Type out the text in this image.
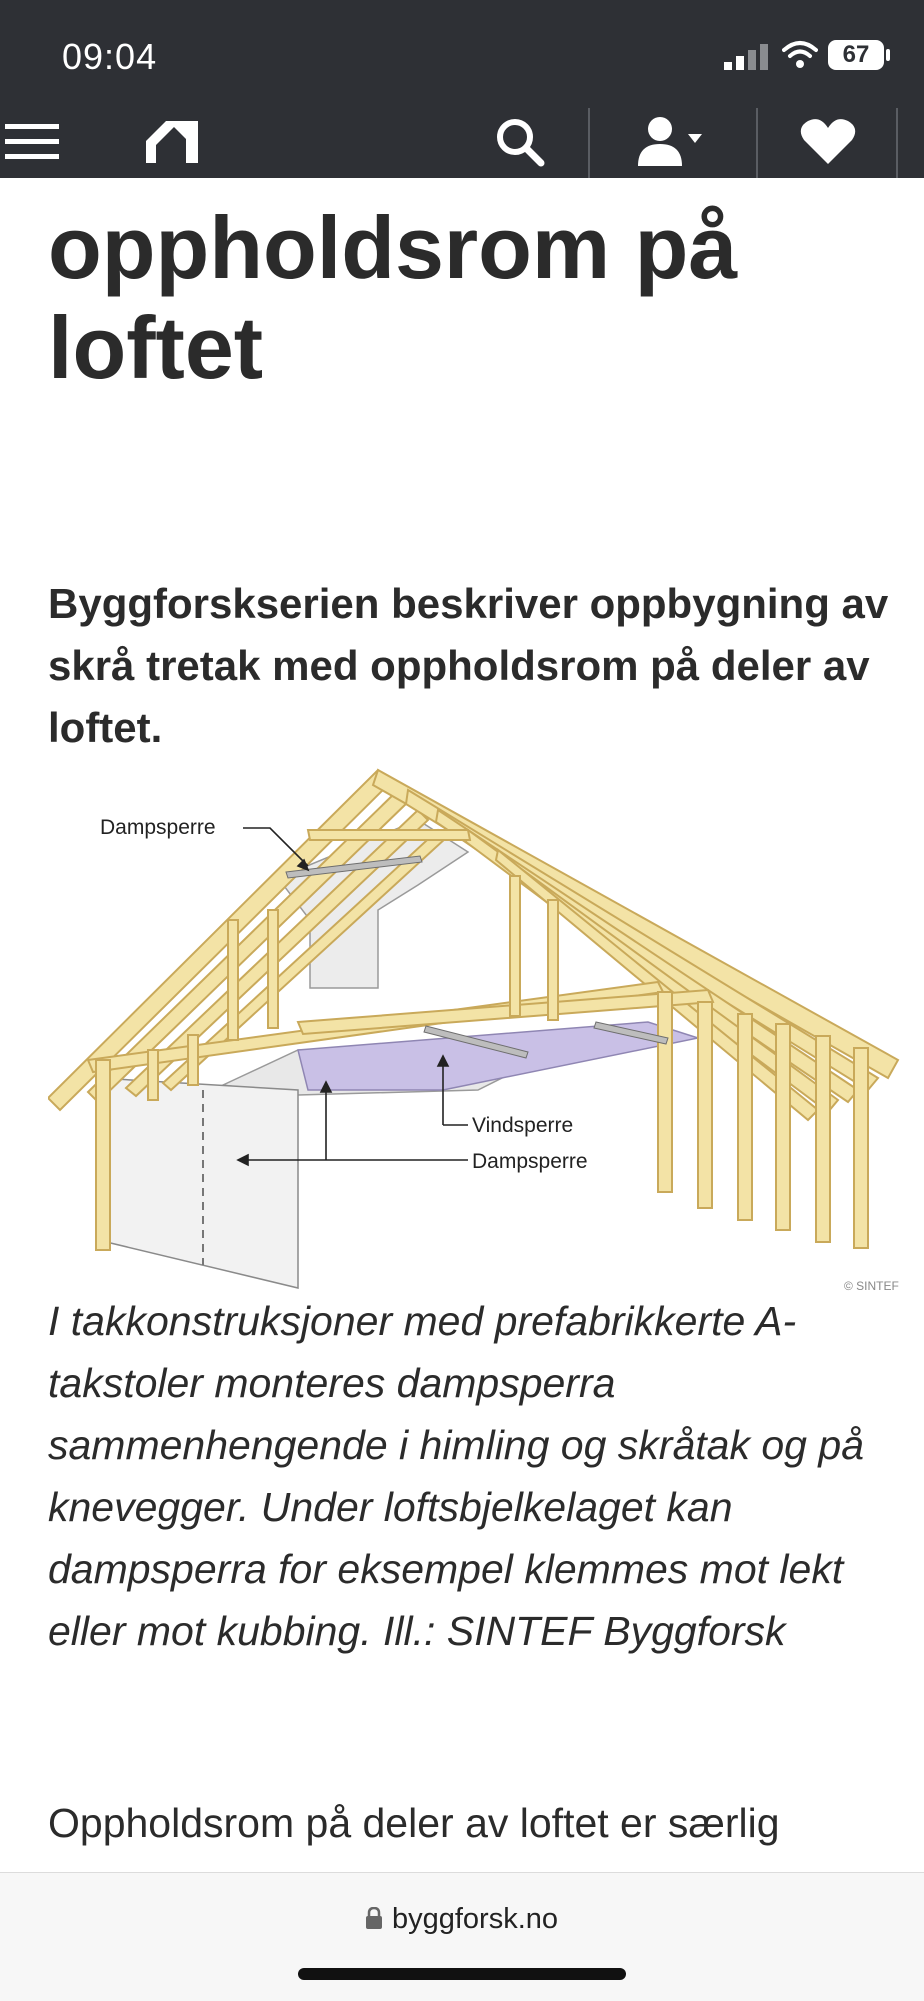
09:04	67
oppholdsrom på loftet

Byggforskserien beskriver oppbygning av skrå tretak med oppholdsrom på deler av loftet.

Dampsperre
Vindsperre
Dampsperre
© SINTEF

I takkonstruksjoner med prefabrikkerte A-takstoler monteres dampsperra sammenhengende i himling og skråtak og på knevegger. Under loftsbjelkelaget kan dampsperra for eksempel klemmes mot lekt eller mot kubbing. Ill.: SINTEF Byggforsk

Oppholdsrom på deler av loftet er særlig

byggforsk.no
